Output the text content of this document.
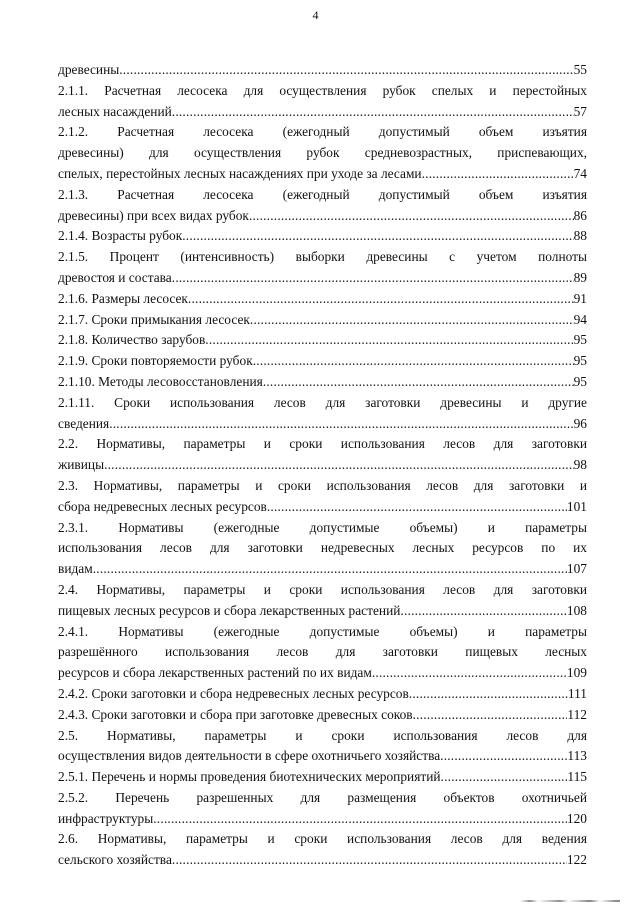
4
древесины .....	55
2.1.1. Расчетная лесосека для осуществления рубок спелых и перестойных
лесных насаждений .....	57
2.1.2. Расчетная лесосека (ежегодный допустимый объем изъятия
древесины) для осуществления рубок средневозрастных, приспевающих,
спелых, перестойных лесных насаждениях при уходе за лесами .....	74
2.1.3. Расчетная лесосека (ежегодный допустимый объем изъятия
древесины) при всех видах рубок .....	86
2.1.4. Возрасты рубок .....	88
2.1.5. Процент (интенсивность) выборки древесины с учетом полноты
древостоя и состава .....	89
2.1.6. Размеры лесосек .....	91
2.1.7. Сроки примыкания лесосек .....	94
2.1.8. Количество зарубов .....	95
2.1.9. Сроки повторяемости рубок .....	95
2.1.10. Методы лесовосстановления .....	95
2.1.11. Сроки использования лесов для заготовки древесины и другие
сведения .....	96
2.2. Нормативы, параметры и сроки использования лесов для заготовки
живицы .....	98
2.3. Нормативы, параметры и сроки использования лесов для заготовки и
сбора недревесных лесных ресурсов .....	101
2.3.1. Нормативы (ежегодные допустимые объемы) и параметры
использования лесов для заготовки недревесных лесных ресурсов по их
видам .....	107
2.4. Нормативы, параметры и сроки использования лесов для заготовки
пищевых лесных ресурсов и сбора лекарственных растений .....	108
2.4.1. Нормативы (ежегодные допустимые объемы) и параметры
разрешённого использования лесов для заготовки пищевых лесных
ресурсов и сбора лекарственных растений по их видам .....	109
2.4.2. Сроки заготовки и сбора недревесных лесных ресурсов .....	111
2.4.3. Сроки заготовки и сбора при заготовке древесных соков .....	112
2.5. Нормативы, параметры и сроки использования лесов для
осуществления видов деятельности в сфере охотничьего хозяйства .....	113
2.5.1. Перечень и нормы проведения биотехнических мероприятий .....	115
2.5.2. Перечень разрешенных для размещения объектов охотничьей
инфраструктуры .....	120
2.6. Нормативы, параметры и сроки использования лесов для ведения
сельского хозяйства .....	122
